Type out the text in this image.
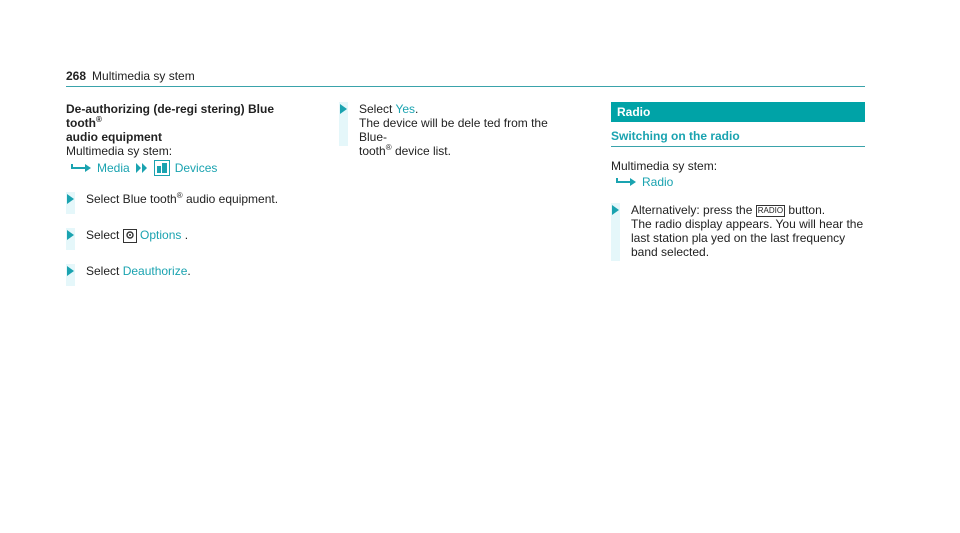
268 Multimedia sy stem
De-authorizing (de-regi stering) Blue tooth®
audio equipment
Multimedia sy stem:
Media	Devices
Select Blue tooth® audio equipment.
Select  Options .
Select Deauthorize.
Select Yes.
The device will be dele ted from the Blue-
tooth® device list.
Radio
Switching on the radio
Multimedia sy stem:
Radio
Alternatively: press the RADIO button.
The radio display appears. You will hear the
last station pla yed on the last frequency
band selected.
